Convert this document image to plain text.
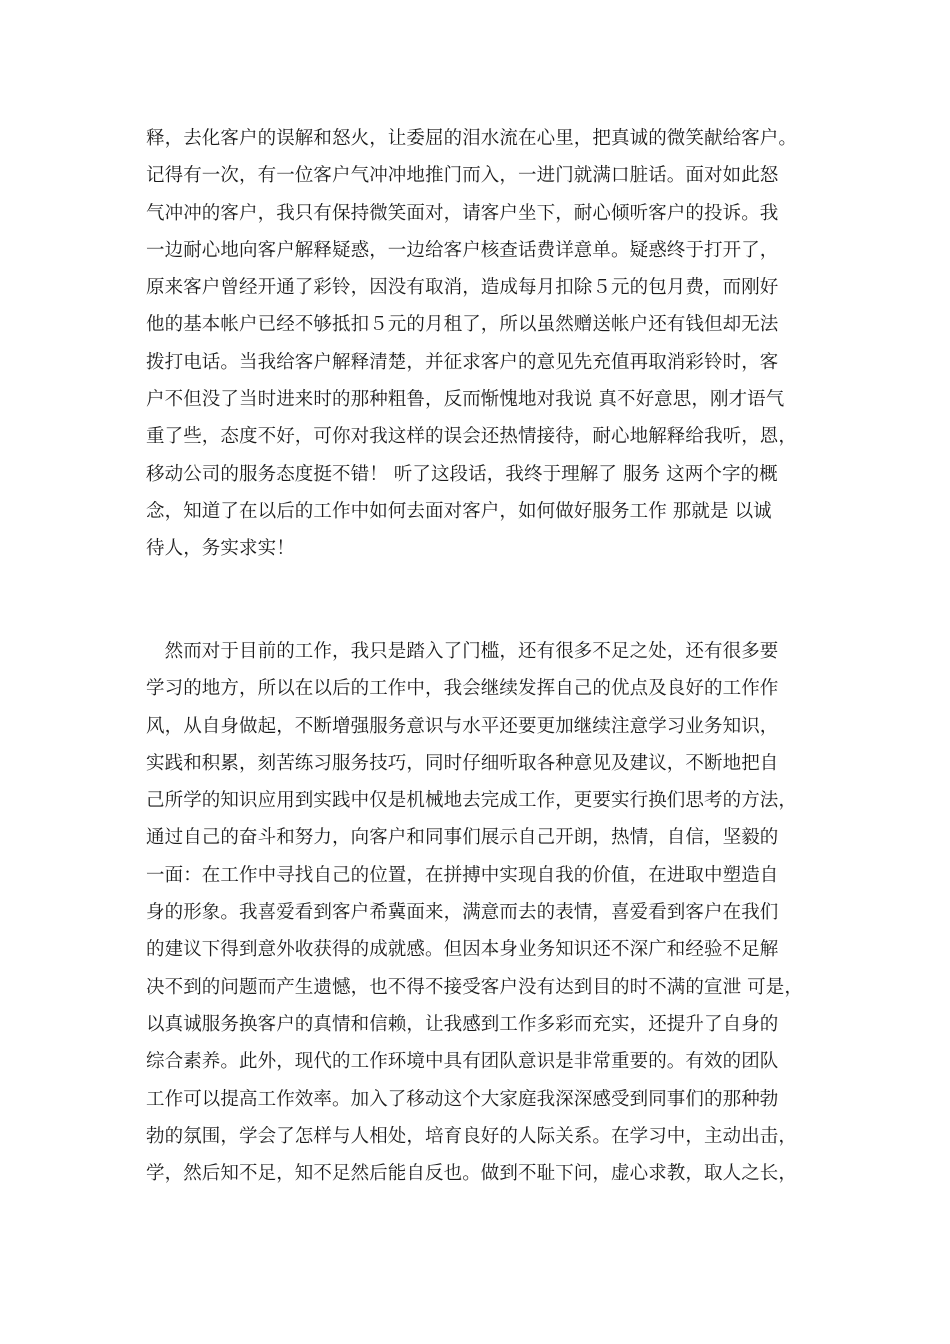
释，去化客户的误解和怒火，让委屈的泪水流在心里，把真诚的微笑献给客户。
记得有一次，有一位客户气冲冲地推门而入，一进门就满口脏话。面对如此怒
气冲冲的客户，我只有保持微笑面对，请客户坐下，耐心倾听客户的投诉。我
一边耐心地向客户解释疑惑，一边给客户核查话费详意单。疑惑终于打开了，
原来客户曾经开通了彩铃，因没有取消，造成每月扣除５元的包月费，而刚好
他的基本帐户已经不够抵扣５元的月租了，所以虽然赠送帐户还有钱但却无法
拨打电话。当我给客户解释清楚，并征求客户的意见先充值再取消彩铃时，客
户不但没了当时进来时的那种粗鲁，反而惭愧地对我说 真不好意思，刚才语气
重了些，态度不好，可你对我这样的误会还热情接待，耐心地解释给我听，恩，
移动公司的服务态度挺不错！ 听了这段话，我终于理解了 服务 这两个字的概
念，知道了在以后的工作中如何去面对客户，如何做好服务工作 那就是 以诚
待人，务实求实！
　然而对于目前的工作，我只是踏入了门槛，还有很多不足之处，还有很多要
学习的地方，所以在以后的工作中，我会继续发挥自己的优点及良好的工作作
风，从自身做起，不断增强服务意识与水平还要更加继续注意学习业务知识，
实践和积累，刻苦练习服务技巧，同时仔细听取各种意见及建议，不断地把自
己所学的知识应用到实践中仅是机械地去完成工作，更要实行换们思考的方法，
通过自己的奋斗和努力，向客户和同事们展示自己开朗，热情，自信，坚毅的
一面：在工作中寻找自己的位置，在拼搏中实现自我的价值，在进取中塑造自
身的形象。我喜爱看到客户希冀面来，满意而去的表情，喜爱看到客户在我们
的建议下得到意外收获得的成就感。但因本身业务知识还不深广和经验不足解
决不到的问题而产生遗憾，也不得不接受客户没有达到目的时不满的宣泄 可是，
以真诚服务换客户的真情和信赖，让我感到工作多彩而充实，还提升了自身的
综合素养。此外，现代的工作环境中具有团队意识是非常重要的。有效的团队
工作可以提高工作效率。加入了移动这个大家庭我深深感受到同事们的那种勃
勃的氛围，学会了怎样与人相处，培育良好的人际关系。在学习中，主动出击，
学，然后知不足，知不足然后能自反也。做到不耻下问，虚心求教，取人之长，
